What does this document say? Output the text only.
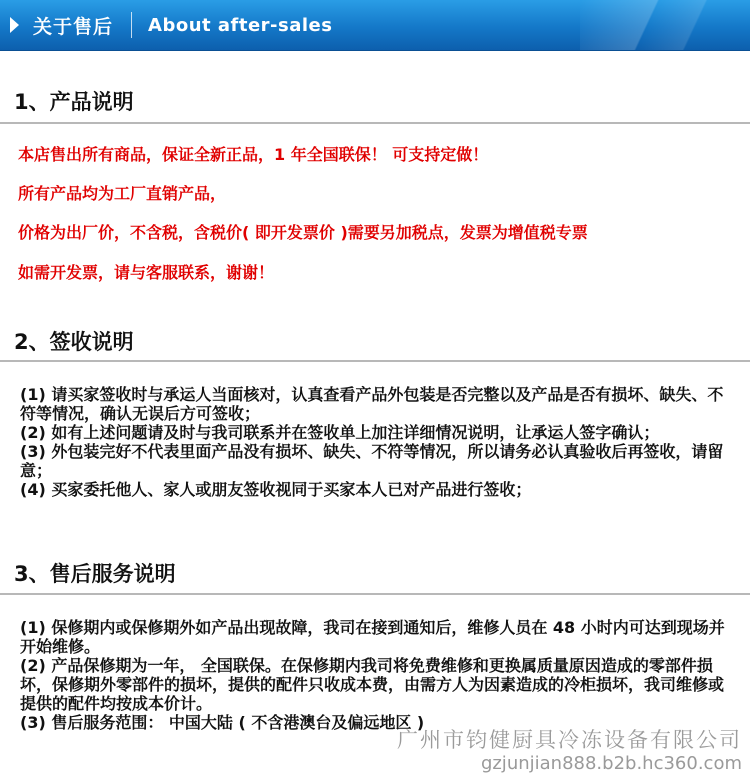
关于售后 About after-sales
1、产品说明
本店售出所有商品，保证全新正品，1 年全国联保！ 可支持定做！
所有产品均为工厂直销产品，
价格为出厂价，不含税，含税价( 即开发票价 )需要另加税点，发票为增值税专票
如需开发票，请与客服联系，谢谢！
2、签收说明
(1) 请买家签收时与承运人当面核对，认真查看产品外包装是否完整以及产品是否有损坏、缺失、不符等情况，确认无误后方可签收；
(2) 如有上述问题请及时与我司联系并在签收单上加注详细情况说明，让承运人签字确认；
(3) 外包装完好不代表里面产品没有损坏、缺失、不符等情况，所以请务必认真验收后再签收，请留意；
(4) 买家委托他人、家人或朋友签收视同于买家本人已对产品进行签收；
3、售后服务说明
(1) 保修期内或保修期外如产品出现故障，我司在接到通知后，维修人员在 48 小时内可达到现场并开始维修。
(2) 产品保修期为一年， 全国联保。在保修期内我司将免费维修和更换属质量原因造成的零部件损坏，保修期外零部件的损坏，提供的配件只收成本费，由需方人为因素造成的冷柜损坏，我司维修或提供的配件均按成本价计。
(3) 售后服务范围： 中国大陆 ( 不含港澳台及偏远地区 )
广州市钧健厨具冷冻设备有限公司
gzjunjian888.b2b.hc360.com
